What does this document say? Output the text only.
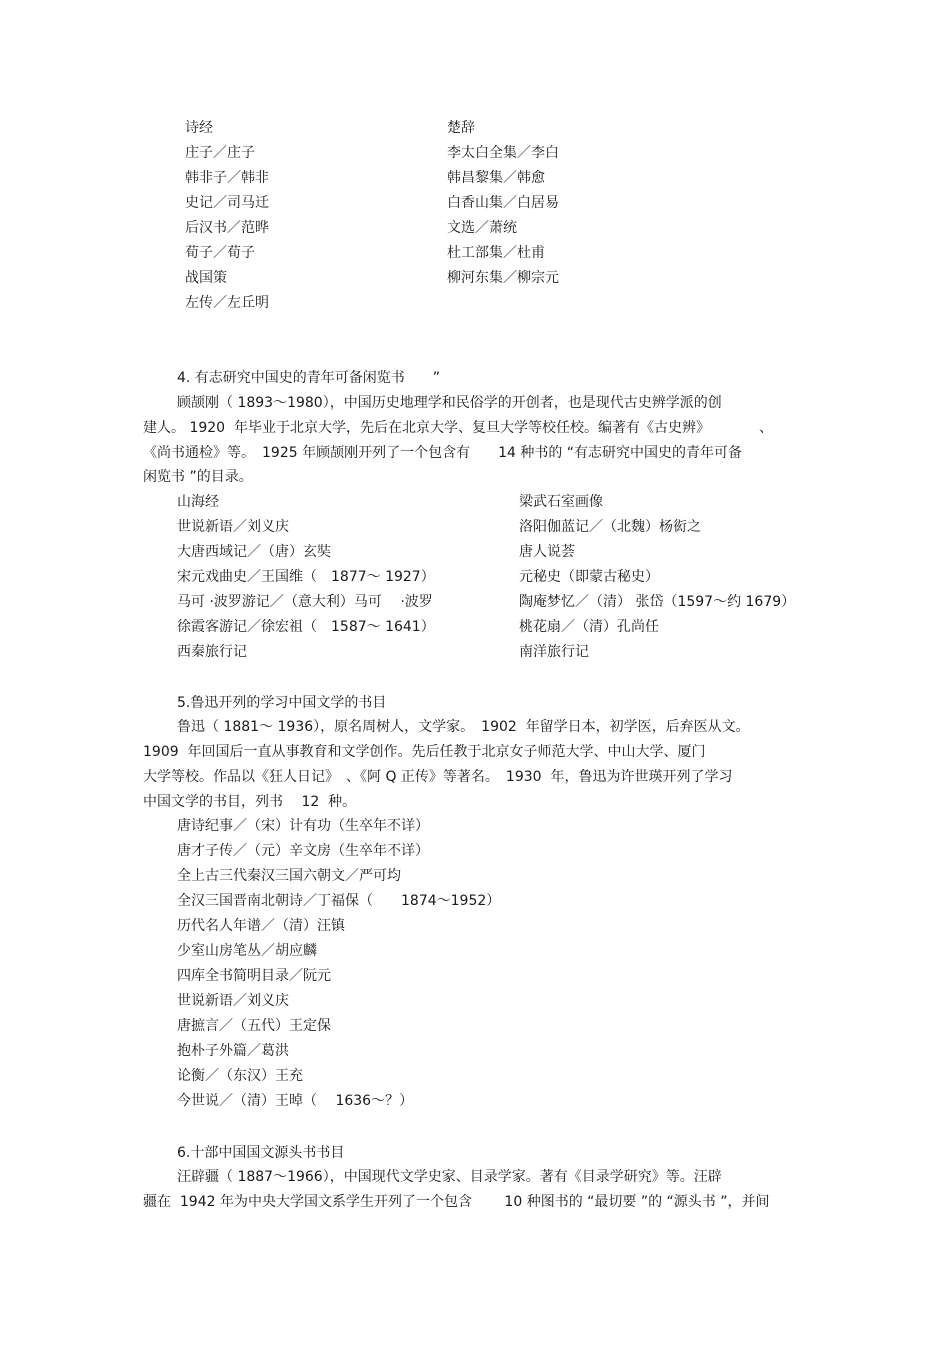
诗经
庄子／庄子
韩非子／韩非
史记／司马迁
后汉书／范晔
荀子／荀子
战国策
左传／左丘明
楚辞
李太白全集／李白
韩昌黎集／韩愈
白香山集／白居易
文选／萧统
杜工部集／杜甫
柳河东集／柳宗元
4. 有志研究中国史的青年可备闲览书　　”
顾颉刚（ 1893～1980），中国历史地理学和民俗学的开创者，也是现代古史辨学派的创
建人。 1920  年毕业于北京大学，先后在北京大学、复旦大学等校任校。编著有《古史辨》　　　　、
《尚书通检》等。　1925 年顾颉刚开列了一个包含有　　14 种书的 “有志研究中国史的青年可备
闲览书 ”的目录。
山海经
世说新语／刘义庆
大唐西域记／（唐）玄奘
宋元戏曲史／王国维（　1877～ 1927）
马可 ·波罗游记／（意大利）马可　 ·波罗
徐霞客游记／徐宏祖（　1587～ 1641）
西秦旅行记
梁武石室画像
洛阳伽蓝记／（北魏）杨衒之
唐人说荟
元秘史（即蒙古秘史）
陶庵梦忆／（清） 张岱（1597～约 1679）
桃花扇／（清）孔尚任
南洋旅行记
5.鲁迅开列的学习中国文学的书目
鲁迅（ 1881～ 1936），原名周树人，文学家。　1902  年留学日本，初学医，后弃医从文。
1909  年回国后一直从事教育和文学创作。先后任教于北京女子师范大学、中山大学、厦门
大学等校。作品以《狂人日记》　、《阿 Q 正传》等著名。　1930  年，鲁迅为许世瑛开列了学习
中国文学的书目，列书　 12  种。
唐诗纪事／（宋）计有功（生卒年不详）
唐才子传／（元）辛文房（生卒年不详）
全上古三代秦汉三国六朝文／严可均
全汉三国晋南北朝诗／丁福保（　　1874～1952）
历代名人年谱／（清）汪镇
少室山房笔丛／胡应麟
四库全书简明目录／阮元
世说新语／刘义庆
唐摭言／（五代）王定保
抱朴子外篇／葛洪
论衡／（东汉）王充
今世说／（清）王晫（　 1636～？）
6.十部中国国文源头书书目
汪辟疆（ 1887～1966），中国现代文学史家、目录学家。著有《目录学研究》等。汪辟
疆在  1942 年为中央大学国文系学生开列了一个包含　　 10 种图书的 “最切要 ”的 “源头书 ”，并间
